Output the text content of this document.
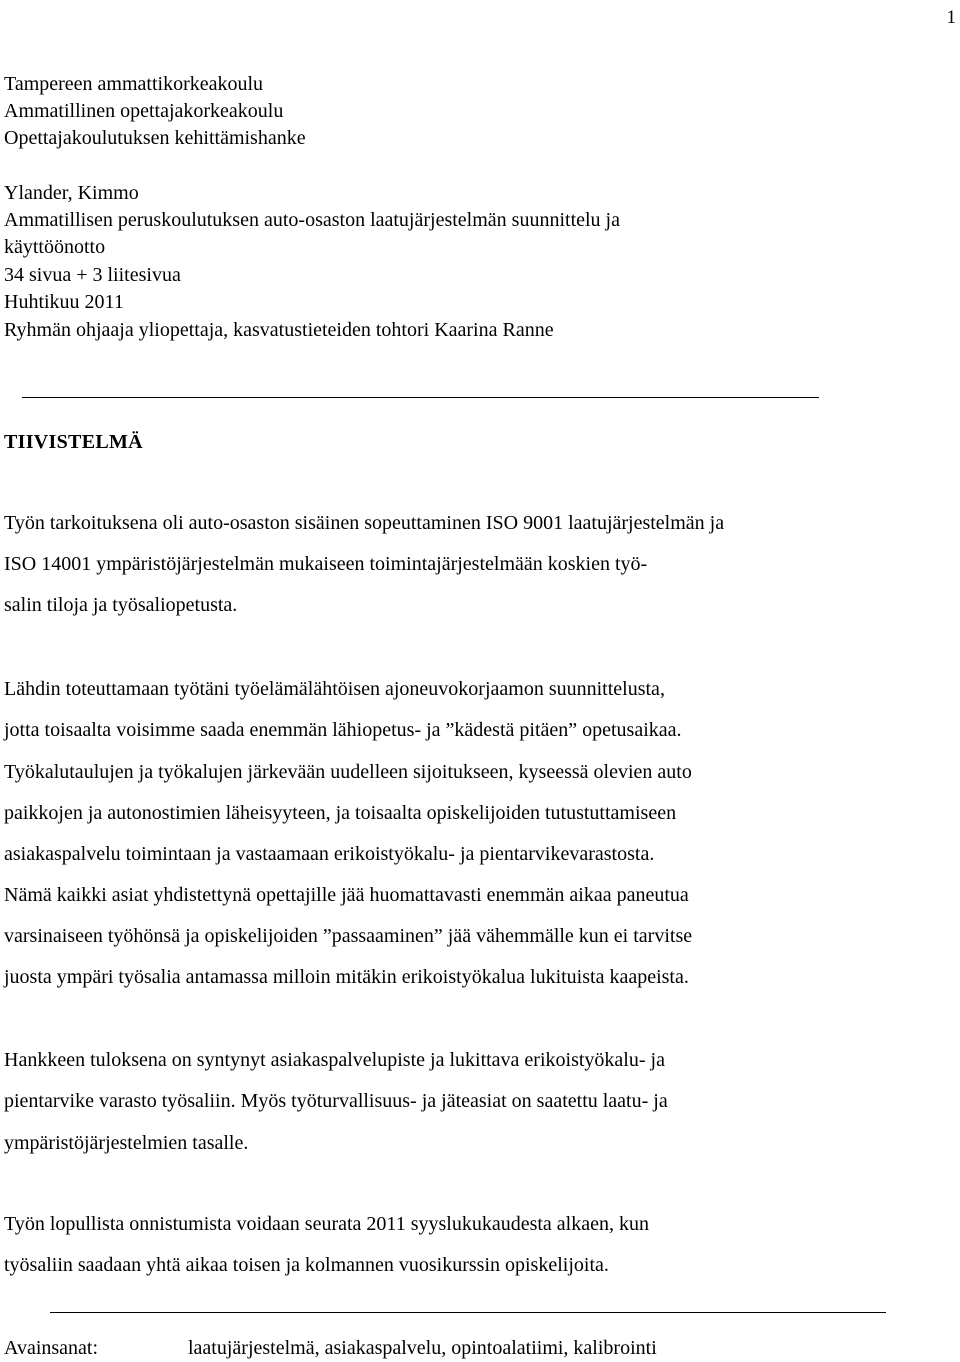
1
Tampereen ammattikorkeakoulu
Ammatillinen opettajakorkeakoulu
Opettajakoulutuksen kehittämishanke
Ylander, Kimmo
Ammatillisen peruskoulutuksen auto-osaston laatujärjestelmän suunnittelu ja
käyttöönotto
34 sivua + 3 liitesivua
Huhtikuu 2011
Ryhmän ohjaaja yliopettaja, kasvatustieteiden tohtori Kaarina Ranne
TIIVISTELMÄ
Työn tarkoituksena oli auto-osaston sisäinen sopeuttaminen ISO 9001 laatujärjestelmän ja
ISO 14001 ympäristöjärjestelmän mukaiseen toimintajärjestelmään koskien työ-
salin tiloja ja työsaliopetusta.
Lähdin toteuttamaan työtäni työelämälähtöisen ajoneuvokorjaamon suunnittelusta,
jotta toisaalta voisimme saada enemmän lähiopetus- ja ”kädestä pitäen” opetusaikaa.
Työkalutaulujen ja työkalujen järkevään uudelleen sijoitukseen, kyseessä olevien auto
paikkojen ja autonostimien läheisyyteen, ja toisaalta opiskelijoiden tutustuttamiseen
asiakaspalvelu toimintaan ja vastaamaan erikoistyökalu- ja pientarvikevarastosta.
Nämä kaikki asiat yhdistettynä opettajille jää huomattavasti enemmän aikaa paneutua
varsinaiseen työhönsä ja opiskelijoiden ”passaaminen” jää vähemmälle kun ei tarvitse
juosta ympäri työsalia antamassa milloin mitäkin erikoistyökalua lukituista kaapeista.
Hankkeen tuloksena on syntynyt asiakaspalvelupiste ja lukittava erikoistyökalu- ja
pientarvike varasto työsaliin. Myös työturvallisuus- ja jäteasiat on saatettu laatu- ja
ympäristöjärjestelmien tasalle.
Työn lopullista onnistumista voidaan seurata 2011 syyslukukaudesta alkaen, kun
työsaliin saadaan yhtä aikaa toisen ja kolmannen vuosikurssin opiskelijoita.
Avainsanat:	laatujärjestelmä, asiakaspalvelu, opintoalatiimi, kalibrointi
